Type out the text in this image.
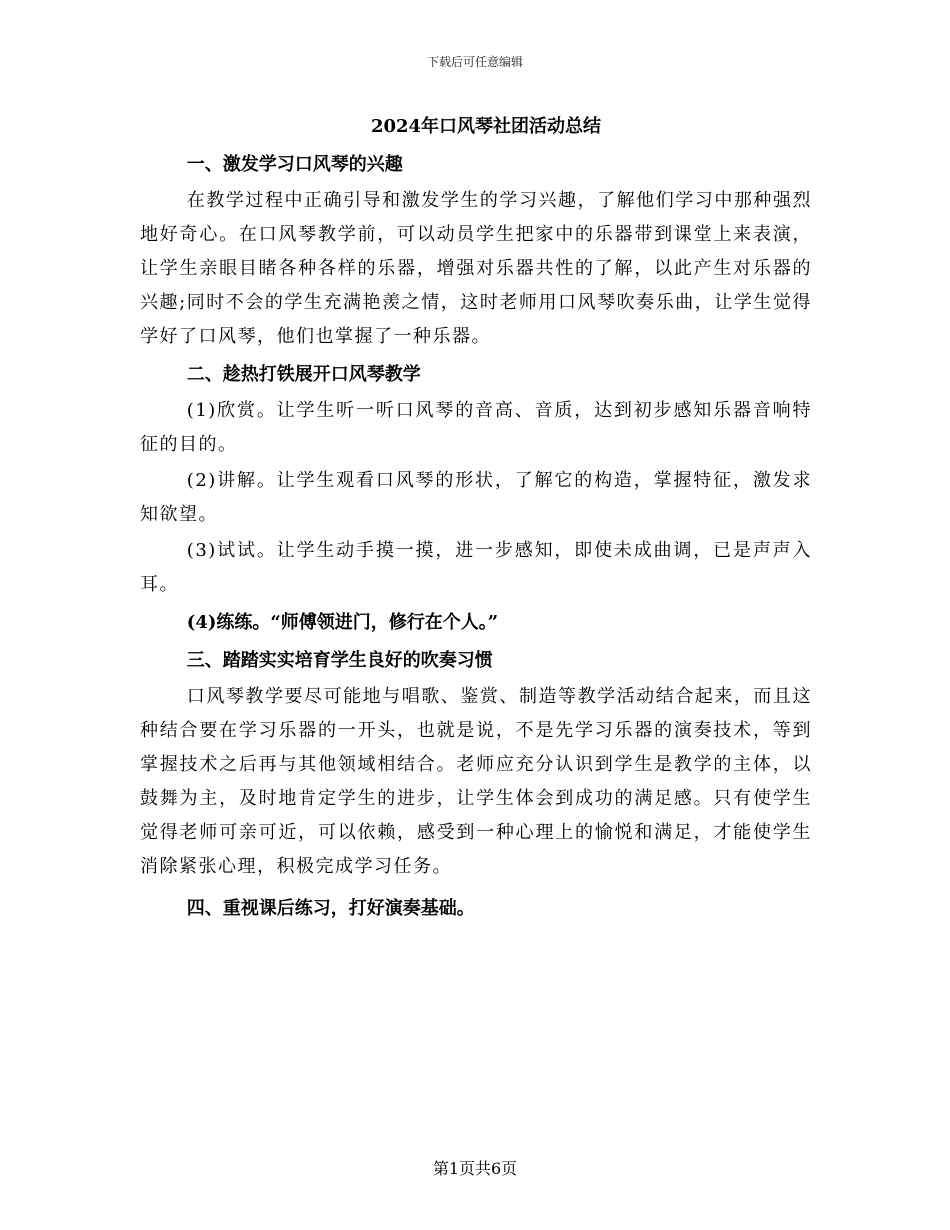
下载后可任意编辑
2024年口风琴社团活动总结
一、激发学习口风琴的兴趣

在教学过程中正确引导和激发学生的学习兴趣，了解他们学习中那种强烈地好奇心。在口风琴教学前，可以动员学生把家中的乐器带到课堂上来表演，让学生亲眼目睹各种各样的乐器，增强对乐器共性的了解，以此产生对乐器的兴趣;同时不会的学生充满艳羡之情，这时老师用口风琴吹奏乐曲，让学生觉得学好了口风琴，他们也掌握了一种乐器。

二、趁热打铁展开口风琴教学

(1)欣赏。让学生听一听口风琴的音高、音质，达到初步感知乐器音响特征的目的。

(2)讲解。让学生观看口风琴的形状，了解它的构造，掌握特征，激发求知欲望。

(3)试试。让学生动手摸一摸，进一步感知，即使未成曲调，已是声声入耳。

(4)练练。“师傅领进门，修行在个人。”
三、踏踏实实培育学生良好的吹奏习惯

口风琴教学要尽可能地与唱歌、鉴赏、制造等教学活动结合起来，而且这种结合要在学习乐器的一开头，也就是说，不是先学习乐器的演奏技术，等到掌握技术之后再与其他领域相结合。老师应充分认识到学生是教学的主体，以鼓舞为主，及时地肯定学生的进步，让学生体会到成功的满足感。只有使学生觉得老师可亲可近，可以依赖，感受到一种心理上的愉悦和满足，才能使学生消除紧张心理，积极完成学习任务。

四、重视课后练习，打好演奏基础。
第1页共6页
